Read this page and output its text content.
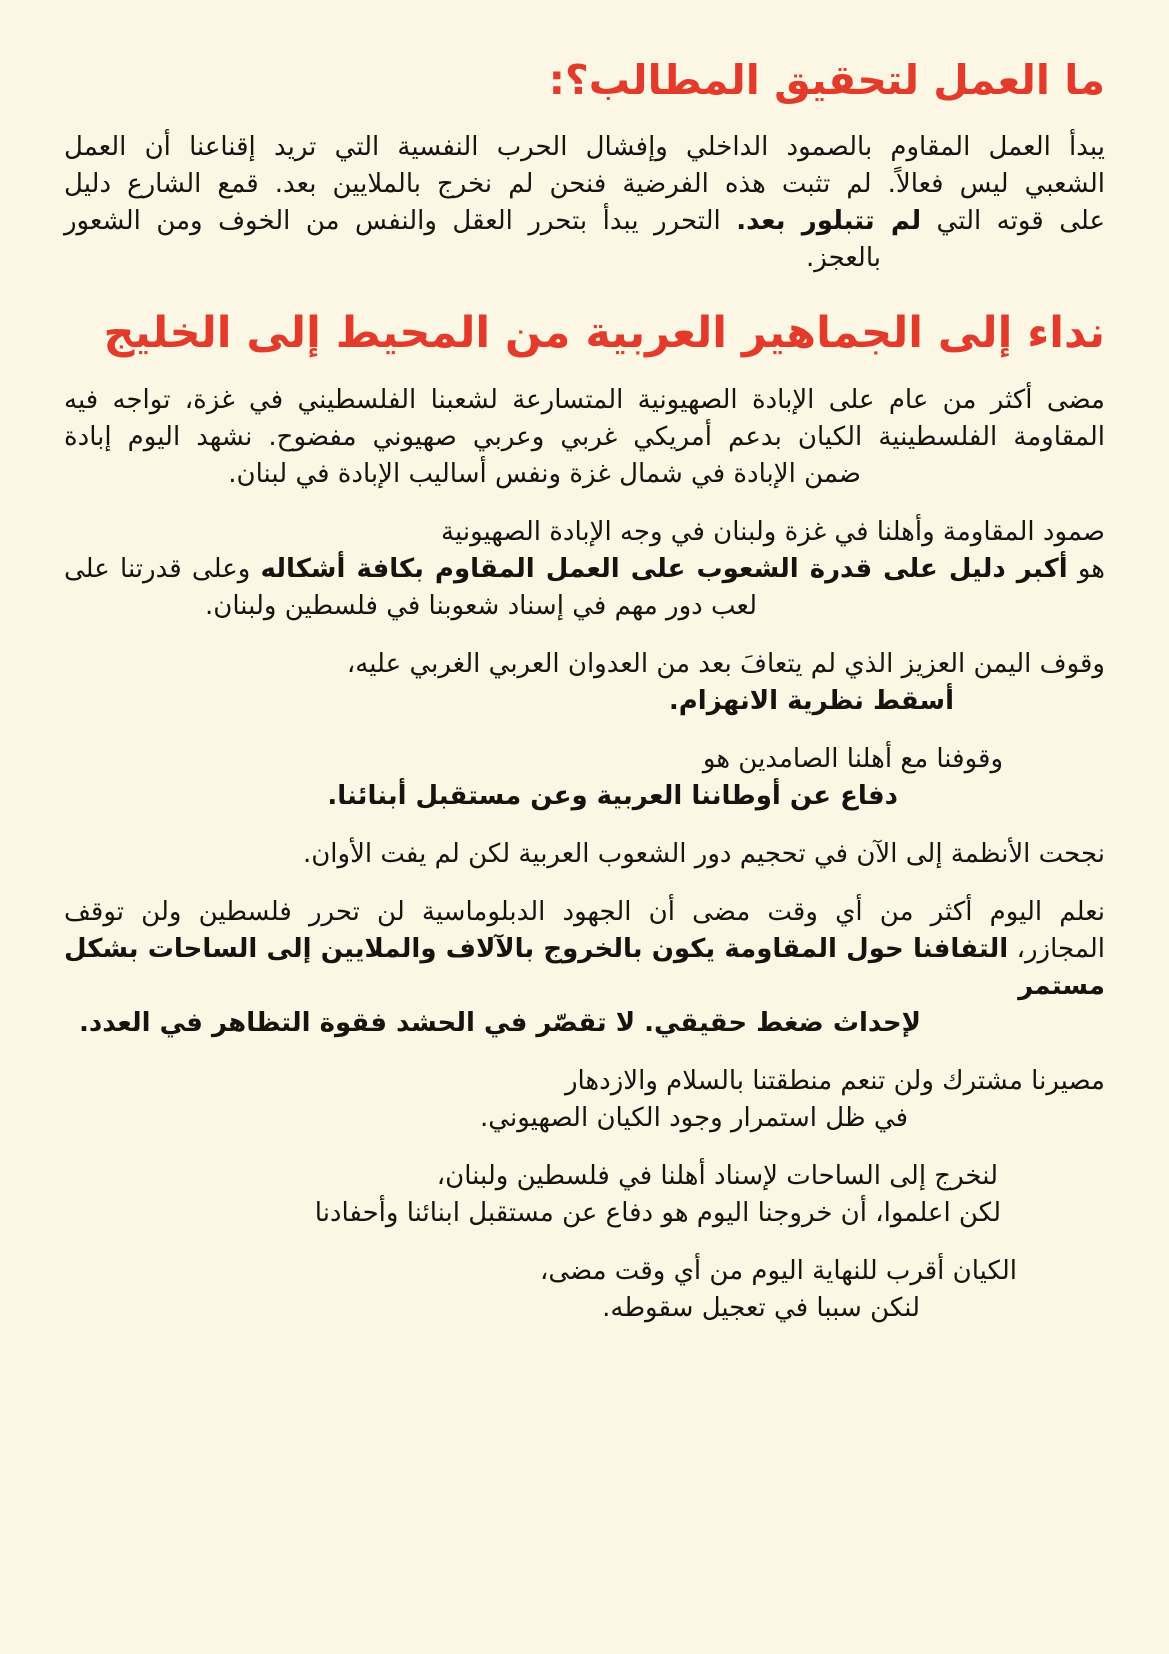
ما العمل لتحقيق المطالب؟:
يبدأ العمل المقاوم بالصمود الداخلي وإفشال الحرب النفسية التي تريد إقناعنا أن العمل
الشعبي ليس فعالاً. لم تثبت هذه الفرضية فنحن لم نخرج بالملايين بعد. قمع الشارع دليل
على قوته التي لم تتبلور بعد. التحرر يبدأ بتحرر العقل والنفس من الخوف ومن الشعور
بالعجز.
نداء إلى الجماهير العربية من المحيط إلى الخليج
مضى أكثر من عام على الإبادة الصهيونية المتسارعة لشعبنا الفلسطيني في غزة، تواجه فيه
المقاومة الفلسطينية الكيان بدعم أمريكي غربي وعربي صهيوني مفضوح. نشهد اليوم إبادة
ضمن الإبادة في شمال غزة ونفس أساليب الإبادة في لبنان.
صمود المقاومة وأهلنا في غزة ولبنان في وجه الإبادة الصهيونية
هو أكبر دليل على قدرة الشعوب على العمل المقاوم بكافة أشكاله وعلى قدرتنا على
لعب دور مهم في إسناد شعوبنا في فلسطين ولبنان.
وقوف اليمن العزيز الذي لم يتعافَ بعد من العدوان العربي الغربي عليه،
أسقط نظرية الانهزام.
وقوفنا مع أهلنا الصامدين هو
دفاع عن أوطاننا العربية وعن مستقبل أبنائنا.
نجحت الأنظمة إلى الآن في تحجيم دور الشعوب العربية لكن لم يفت الأوان.
نعلم اليوم أكثر من أي وقت مضى أن الجهود الدبلوماسية لن تحرر فلسطين ولن توقف
المجازر، التفافنا حول المقاومة يكون بالخروج بالآلاف والملايين إلى الساحات بشكل مستمر
لإحداث ضغط حقيقي. لا تقصّر في الحشد فقوة التظاهر في العدد.
مصيرنا مشترك ولن تنعم منطقتنا بالسلام والازدهار
في ظل استمرار وجود الكيان الصهيوني.
لنخرج إلى الساحات لإسناد أهلنا في فلسطين ولبنان،
لكن اعلموا، أن خروجنا اليوم هو دفاع عن مستقبل ابنائنا وأحفادنا
الكيان أقرب للنهاية اليوم من أي وقت مضى،
لنكن سببا في تعجيل سقوطه.
